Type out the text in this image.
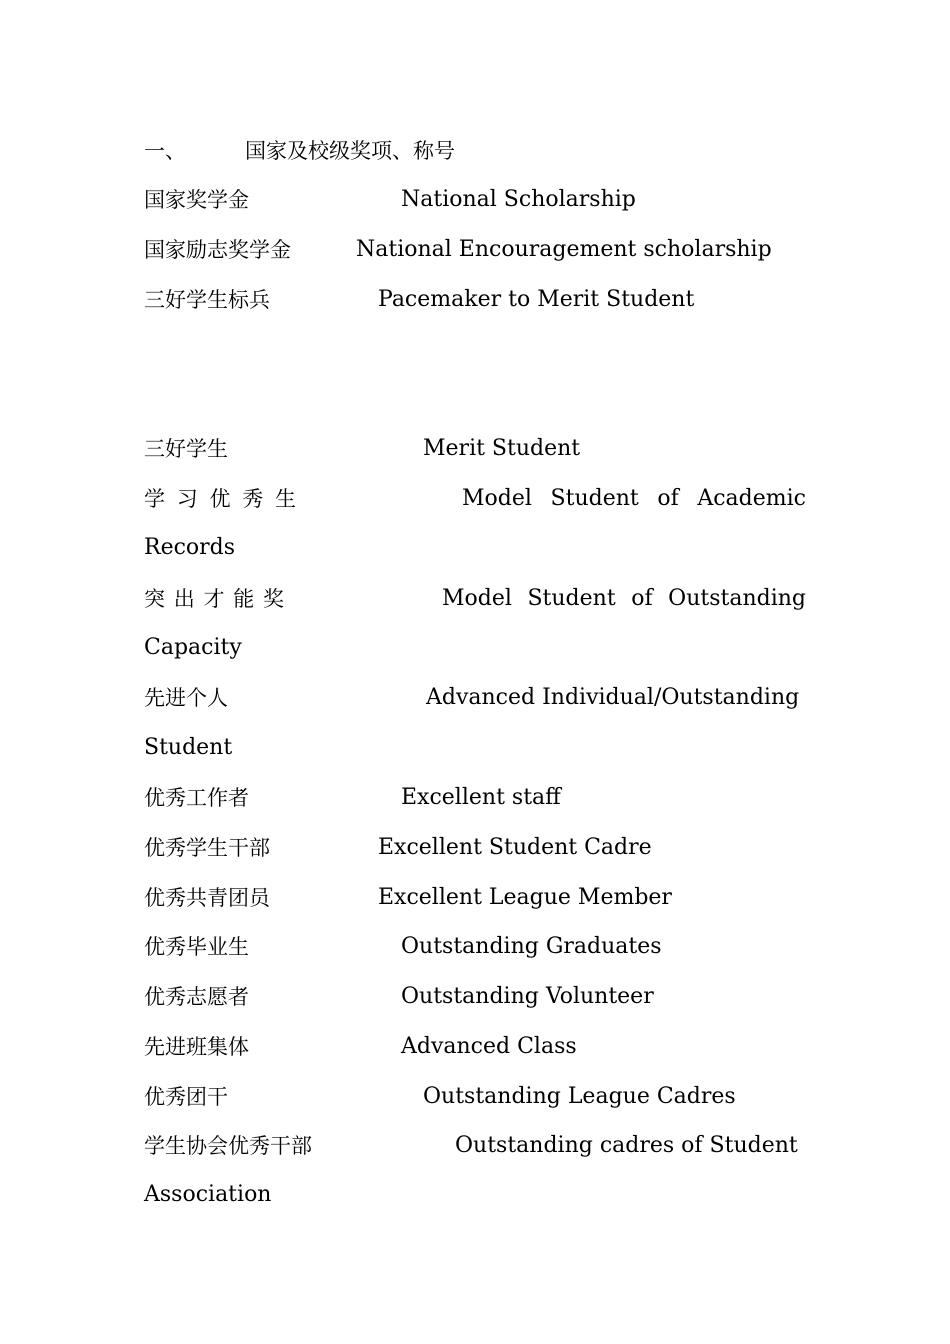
一、	国家及校级奖项、称号
国家奖学金	National Scholarship
国家励志奖学金	National Encouragement scholarship
三好学生标兵	Pacemaker to Merit Student
三好学生	Merit Student
学 习 优 秀 生	Model Student of Academic
Records
突 出 才 能 奖	Model Student of Outstanding
Capacity
先进个人	Advanced Individual/Outstanding
Student
优秀工作者	Excellent staff
优秀学生干部	Excellent Student Cadre
优秀共青团员	Excellent League Member
优秀毕业生	Outstanding Graduates
优秀志愿者	Outstanding Volunteer
先进班集体	Advanced Class
优秀团干	Outstanding League Cadres
学生协会优秀干部	Outstanding cadres of Student
Association
